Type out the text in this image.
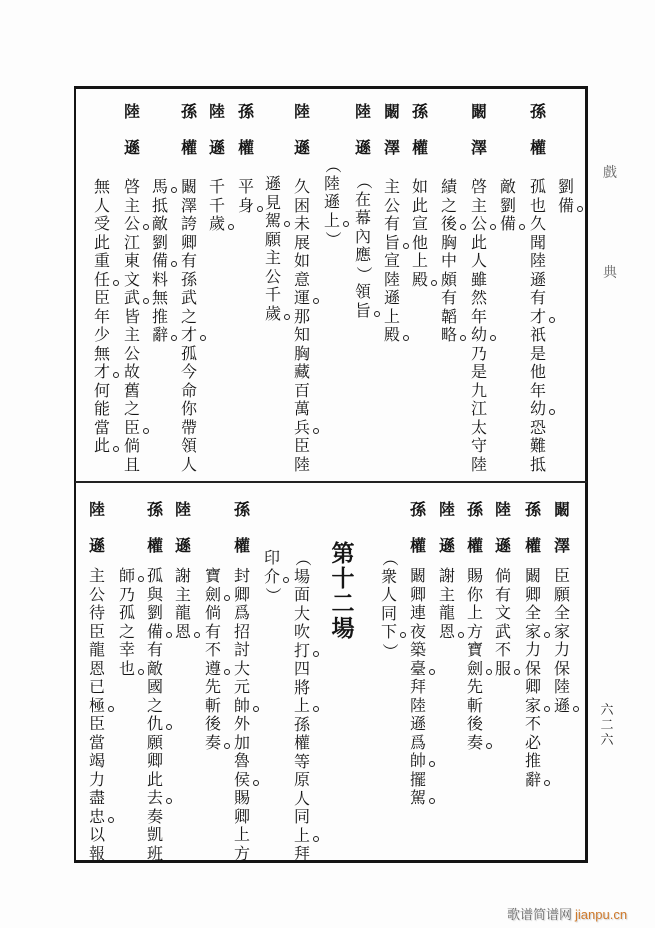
戲
典
六
二
六
劉
備
孫
權
孤
也
久
聞
陸
遜
有
才
祇
是
他
年
幼
恐
難
抵
敵
劉
備
闞
澤
啓
主
公
此
人
雖
然
年
幼
乃
是
九
江
太
守
陸
績
之
後
胸
中
頗
有
韜
略
孫
權
如
此
宣
他
上
殿
闞
澤
主
公
有
旨
宣
陸
遜
上
殿
陸
遜
（
在
幕
內
應
）
領
旨
（
陸
遜
上
）
陸
遜
久
困
未
展
如
意
運
那
知
胸
藏
百
萬
兵
臣
陸
遜
見
駕
願
主
公
千
歲
孫
權
平
身
陸
遜
千
千
歲
孫
權
闞
澤
誇
卿
有
孫
武
之
才
孤
今
命
你
帶
領
人
馬
抵
敵
劉
備
料
無
推
辭
陸
遜
啓
主
公
江
東
文
武
皆
主
公
故
舊
之
臣
倘
且
無
人
受
此
重
任
臣
年
少
無
才
何
能
當
此
闞
澤
臣
願
全
家
力
保
陸
遜
孫
權
闞
卿
全
家
力
保
卿
家
不
必
推
辭
陸
遜
倘
有
文
武
不
服
孫
權
賜
你
上
方
寶
劍
先
斬
後
奏
陸
遜
謝
主
龍
恩
孫
權
闞
卿
連
夜
築
臺
拜
陸
遜
爲
帥
擺
駕
（
衆
人
同
下
）
第
十
二
場
（
場
面
大
吹
打
四
將
上
孫
權
等
原
人
同
上
拜
印
介
）
孫
權
封
卿
爲
招
討
大
元
帥
外
加
魯
侯
賜
卿
上
方
寶
劍
倘
有
不
遵
先
斬
後
奏
陸
遜
謝
主
龍
恩
孫
權
孤
與
劉
備
有
敵
國
之
仇
願
卿
此
去
奏
凱
班
師
乃
孤
之
幸
也
陸
遜
主
公
待
臣
龍
恩
已
極
臣
當
竭
力
盡
忠
以
報
歌谱简谱网 jianpu.cn
